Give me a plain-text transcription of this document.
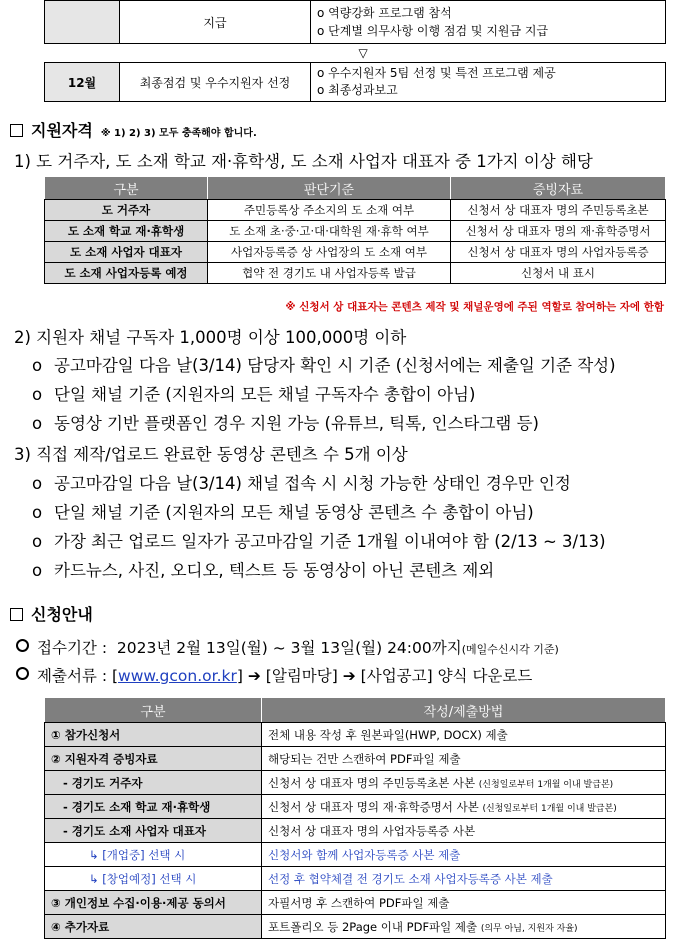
	지급	o 역량강화 프로그램 참석
o 단계별 의무사항 이행 점검 및 지원금 지급

		▽
12월	최종점검 및 우수지원자 선정	o 우수지원자 5팀 선정 및 특전 프로그램 제공
o 최종성과보고
지원자격 ※ 1) 2) 3) 모두 충족해야 합니다.
1) 도 거주자, 도 소재 학교 재·휴학생, 도 소재 사업자 대표자 중 1가지 이상 해당
구분	판단기준	증빙자료
도 거주자	주민등록상 주소지의 도 소재 여부	신청서 상 대표자 명의 주민등록초본
도 소재 학교 재·휴학생	도 소재 초·중·고·대·대학원 재·휴학 여부	신청서 상 대표자 명의 재·휴학증명서
도 소재 사업자 대표자	사업자등록증 상 사업장의 도 소재 여부	신청서 상 대표자 명의 사업자등록증
도 소재 사업자등록 예정	협약 전 경기도 내 사업자등록 발급	신청서 내 표시
※ 신청서 상 대표자는 콘텐츠 제작 및 채널운영에 주된 역할로 참여하는 자에 한함
2) 지원자 채널 구독자 1,000명 이상 100,000명 이하
o 공고마감일 다음 날(3/14) 담당자 확인 시 기준 (신청서에는 제출일 기준 작성)
o 단일 채널 기준 (지원자의 모든 채널 구독자수 총합이 아님)
o 동영상 기반 플랫폼인 경우 지원 가능 (유튜브, 틱톡, 인스타그램 등)
3) 직접 제작/업로드 완료한 동영상 콘텐츠 수 5개 이상
o 공고마감일 다음 날(3/14) 채널 접속 시 시청 가능한 상태인 경우만 인정
o 단일 채널 기준 (지원자의 모든 채널 동영상 콘텐츠 수 총합이 아님)
o 가장 최근 업로드 일자가 공고마감일 기준 1개월 이내여야 함 (2/13 ~ 3/13)
o 카드뉴스, 사진, 오디오, 텍스트 등 동영상이 아닌 콘텐츠 제외
신청안내
접수기간 : 2023년 2월 13일(월) ~ 3월 13일(월) 24:00까지(메일수신시각 기준)
제출서류 : [www.gcon.or.kr] ➔ [알림마당] ➔ [사업공고] 양식 다운로드
구분	작성/제출방법
① 참가신청서	전체 내용 작성 후 원본파일(HWP, DOCX) 제출
② 지원자격 증빙자료	해당되는 건만 스캔하여 PDF파일 제출
- 경기도 거주자	신청서 상 대표자 명의 주민등록초본 사본 (신청일로부터 1개월 이내 발급본)
- 경기도 소재 학교 재·휴학생	신청서 상 대표자 명의 재·휴학증명서 사본 (신청일로부터 1개월 이내 발급본)
- 경기도 소재 사업자 대표자	신청서 상 대표자 명의 사업자등록증 사본
↳ [개업중] 선택 시	신청서와 함께 사업자등록증 사본 제출
↳ [창업예정] 선택 시	선정 후 협약체결 전 경기도 소재 사업자등록증 사본 제출
③ 개인정보 수집·이용·제공 동의서	자필서명 후 스캔하여 PDF파일 제출
④ 추가자료	포트폴리오 등 2Page 이내 PDF파일 제출 (의무 아님, 지원자 자율)
